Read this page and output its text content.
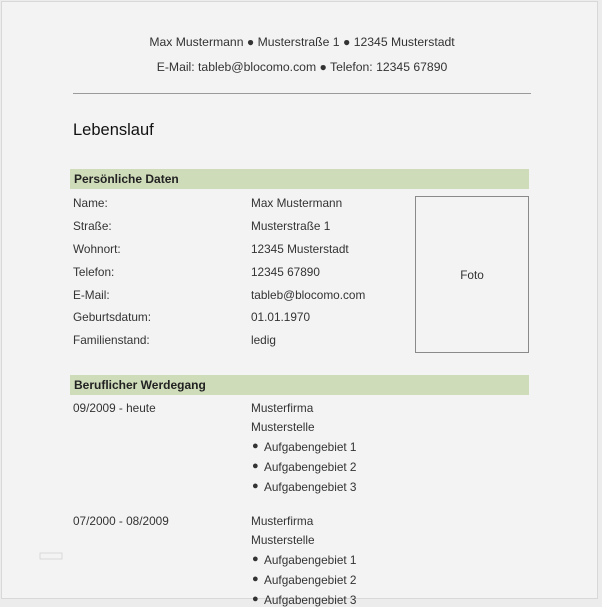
Max Mustermann ● Musterstraße 1 ● 12345 Musterstadt
E-Mail: tableb@blocomo.com ● Telefon: 12345 67890
Lebenslauf
Persönliche Daten
Name:	Max Mustermann
Straße:	Musterstraße 1
Wohnort:	12345 Musterstadt
Telefon:	12345 67890
E-Mail:	tableb@blocomo.com
Geburtsdatum:	01.01.1970
Familienstand:	ledig
Foto
Beruflicher Werdegang
09/2009 - heute	Musterfirma
Musterstelle
● Aufgabengebiet 1
● Aufgabengebiet 2
● Aufgabengebiet 3
07/2000 - 08/2009	Musterfirma
Musterstelle
● Aufgabengebiet 1
● Aufgabengebiet 2
● Aufgabengebiet 3
